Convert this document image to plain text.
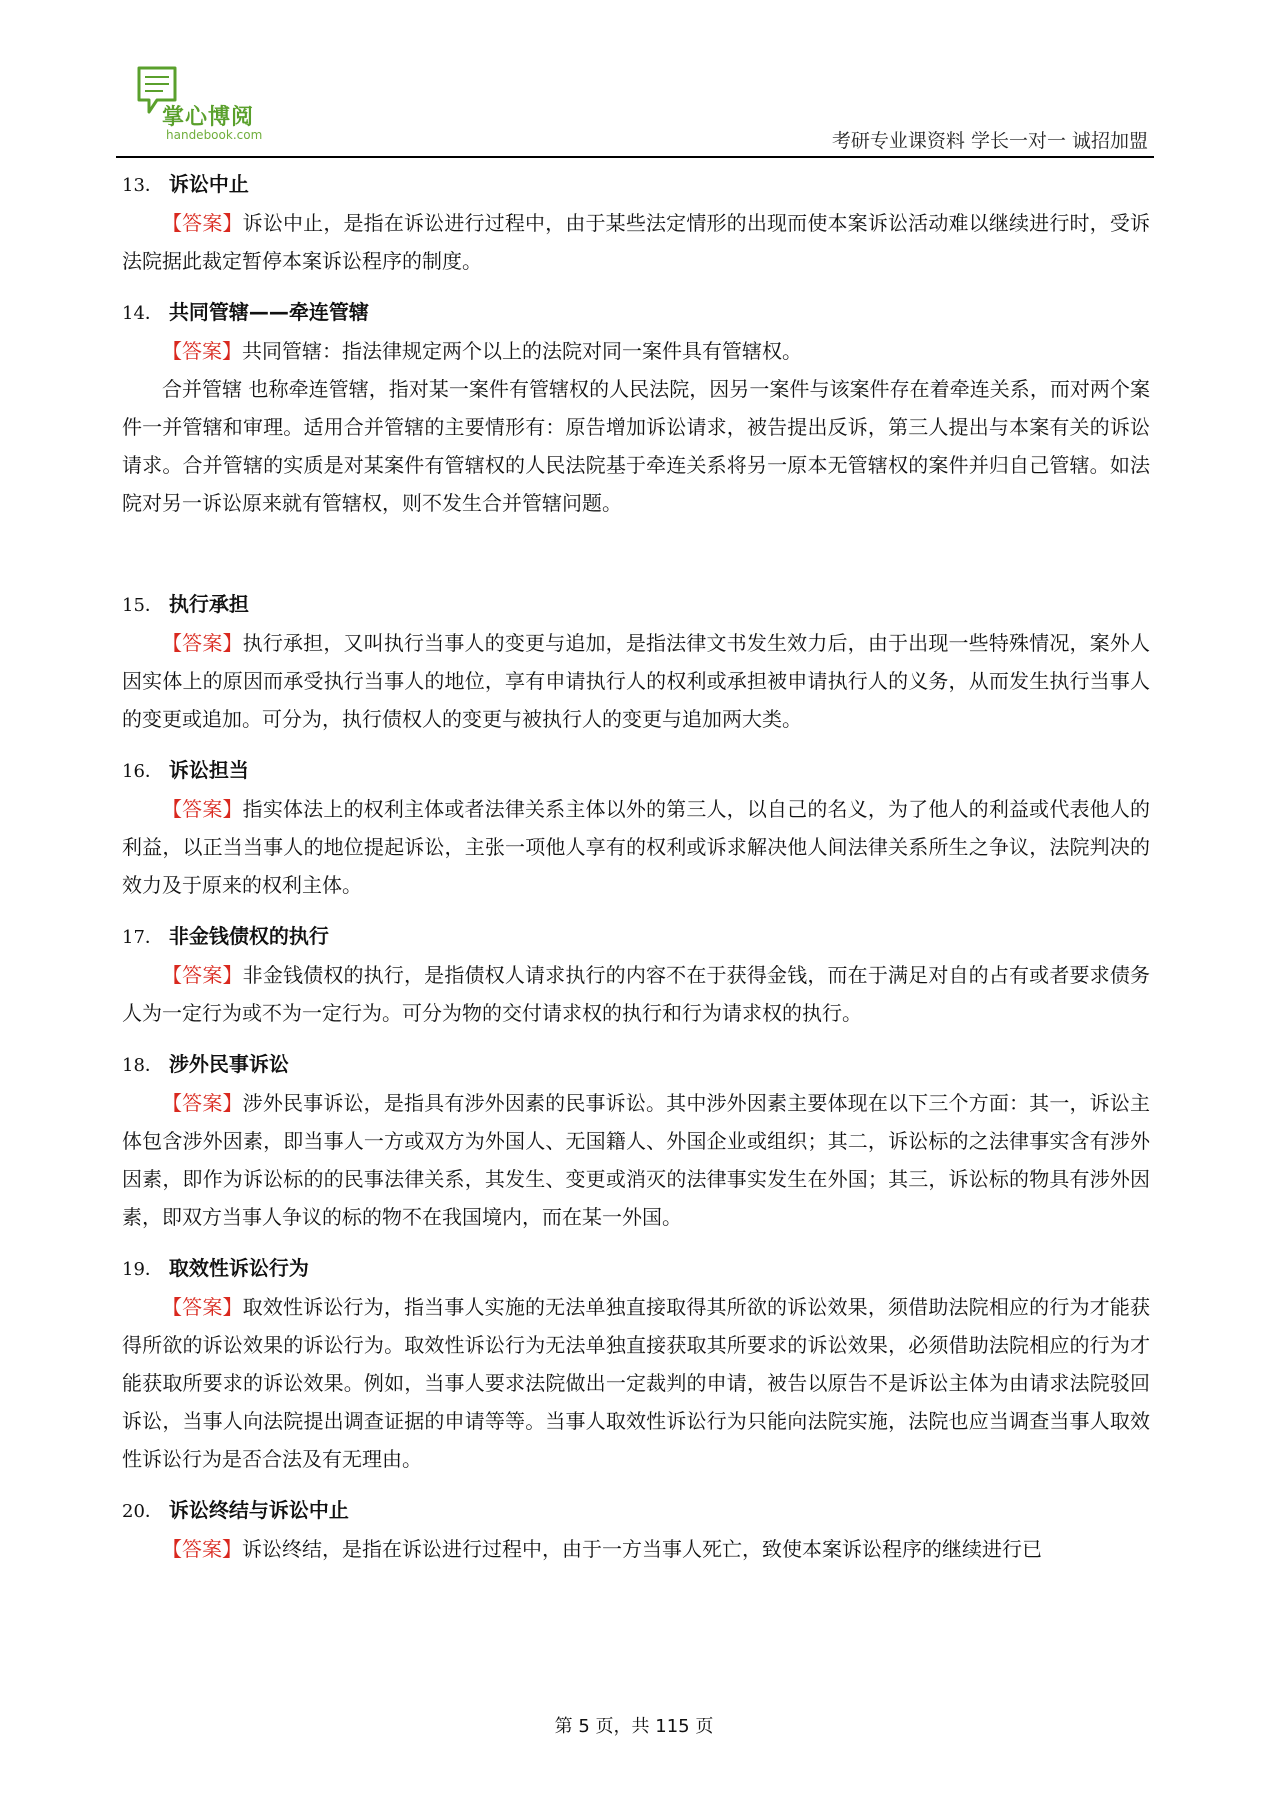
掌心博阅
handebook.com	考研专业课资料 学长一对一 诚招加盟
13． 诉讼中止

【答案】诉讼中止，是指在诉讼进行过程中，由于某些法定情形的出现而使本案诉讼活动难以继续进行时，受诉法院据此裁定暂停本案诉讼程序的制度。

14． 共同管辖——牵连管辖

【答案】共同管辖：指法律规定两个以上的法院对同一案件具有管辖权。

合并管辖 也称牵连管辖，指对某一案件有管辖权的人民法院，因另一案件与该案件存在着牵连关系，而对两个案件一并管辖和审理。适用合并管辖的主要情形有：原告增加诉讼请求，被告提出反诉，第三人提出与本案有关的诉讼请求。合并管辖的实质是对某案件有管辖权的人民法院基于牵连关系将另一原本无管辖权的案件并归自己管辖。如法院对另一诉讼原来就有管辖权，则不发生合并管辖问题。

15． 执行承担

【答案】执行承担，又叫执行当事人的变更与追加，是指法律文书发生效力后，由于出现一些特殊情况，案外人因实体上的原因而承受执行当事人的地位，享有申请执行人的权利或承担被申请执行人的义务，从而发生执行当事人的变更或追加。可分为，执行债权人的变更与被执行人的变更与追加两大类。

16． 诉讼担当

【答案】指实体法上的权利主体或者法律关系主体以外的第三人，以自己的名义，为了他人的利益或代表他人的利益，以正当当事人的地位提起诉讼，主张一项他人享有的权利或诉求解决他人间法律关系所生之争议，法院判决的效力及于原来的权利主体。

17． 非金钱债权的执行

【答案】非金钱债权的执行，是指债权人请求执行的内容不在于获得金钱，而在于满足对自的占有或者要求债务人为一定行为或不为一定行为。可分为物的交付请求权的执行和行为请求权的执行。

18． 涉外民事诉讼

【答案】涉外民事诉讼，是指具有涉外因素的民事诉讼。其中涉外因素主要体现在以下三个方面：其一，诉讼主体包含涉外因素，即当事人一方或双方为外国人、无国籍人、外国企业或组织；其二，诉讼标的之法律事实含有涉外因素，即作为诉讼标的的民事法律关系，其发生、变更或消灭的法律事实发生在外国；其三，诉讼标的物具有涉外因素，即双方当事人争议的标的物不在我国境内，而在某一外国。

19． 取效性诉讼行为

【答案】取效性诉讼行为，指当事人实施的无法单独直接取得其所欲的诉讼效果，须借助法院相应的行为才能获得所欲的诉讼效果的诉讼行为。取效性诉讼行为无法单独直接获取其所要求的诉讼效果，必须借助法院相应的行为才能获取所要求的诉讼效果。例如，当事人要求法院做出一定裁判的申请，被告以原告不是诉讼主体为由请求法院驳回诉讼，当事人向法院提出调查证据的申请等等。当事人取效性诉讼行为只能向法院实施，法院也应当调查当事人取效性诉讼行为是否合法及有无理由。

20． 诉讼终结与诉讼中止

【答案】诉讼终结，是指在诉讼进行过程中，由于一方当事人死亡，致使本案诉讼程序的继续进行已

第 5 页，共 115 页
